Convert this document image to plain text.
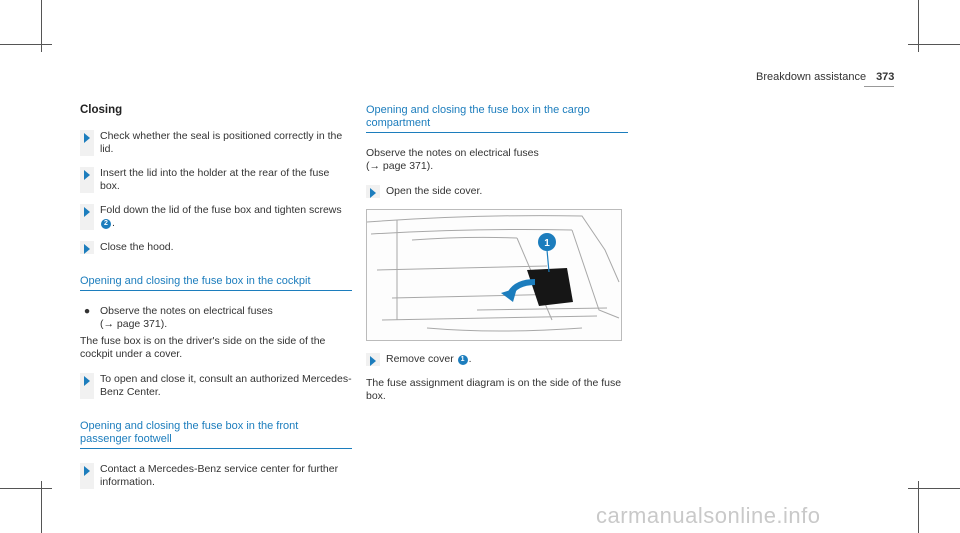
Breakdown assistance 373
Closing
Check whether the seal is positioned correctly in the lid.
Insert the lid into the holder at the rear of the fuse box.
Fold down the lid of the fuse box and tighten screws 2 .
Close the hood.
Opening and closing the fuse box in the cockpit
● Observe the notes on electrical fuses
(→ page 371).
The fuse box is on the driver's side on the side of the cockpit under a cover.
To open and close it, consult an authorized Mercedes-Benz Center.
Opening and closing the fuse box in the front passenger footwell
Contact a Mercedes-Benz service center for further information.
Opening and closing the fuse box in the cargo compartment
Observe the notes on electrical fuses
(→ page 371).
Open the side cover.
1
Remove cover 1 .
The fuse assignment diagram is on the side of the fuse box.
carmanualsonline.info
